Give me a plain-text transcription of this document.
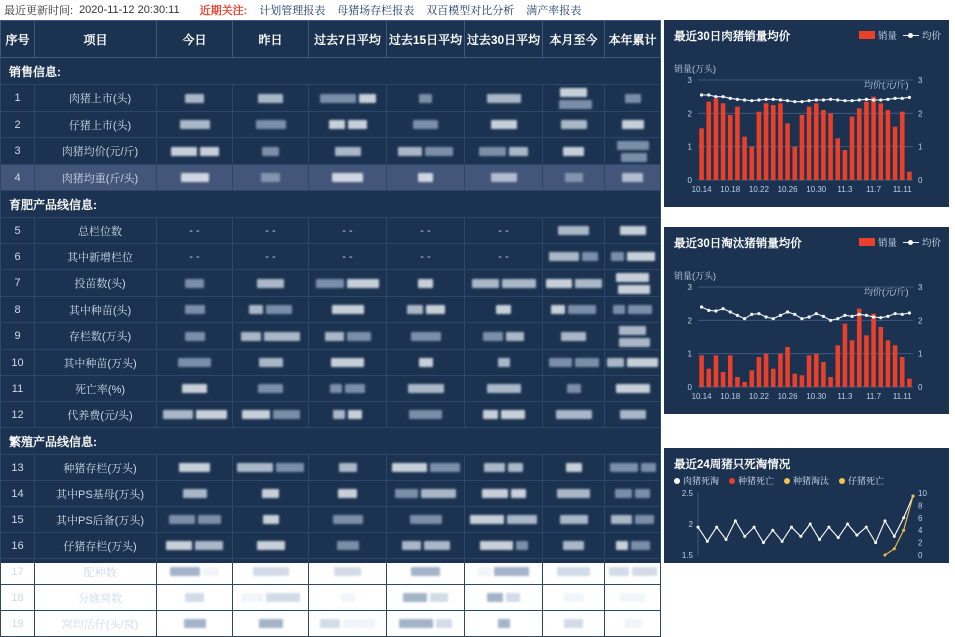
最近更新时间: 2020-11-12 20:30:11 近期关注: 计划管理报表 母猪场存栏报表 双百模型对比分析 满产率报表
序号	项目	今日	昨日	过去7日平均	过去15日平均	过去30日平均	本月至今	本年累计
销售信息:								
1	肉猪上市(头)							
2	仔猪上市(头)							
3	肉猪均价(元/斤)							
4	肉猪均重(斤/头)							
育肥产品线信息:								
5	总栏位数	- -	- -	- -	- -	- -		
6	其中新增栏位	- -	- -	- -	- -	- -		
7	投苗数(头)							
8	其中种苗(头)							
9	存栏数(万头)							
10	其中种苗(万头)							
11	死亡率(%)							
12	代养费(元/头)							
繁殖产品线信息:								
13	种猪存栏(万头)							
14	其中PS基母(万头)							
15	其中PS后备(万头)							
16	仔猪存栏(万头)							
17	配种数							
18	分娩窝数							
19	窝均活仔(头/窝)							
最近30日肉猪销量均价	销量	均价
销量(万头)
均价(元/斤)
0	0
1	1
2	2
3	3
10.14 10.18 10.22 10.26 10.30 11.3 11.7 11.11
最近30日淘汰猪销量均价	销量	均价
销量(万头)
均价(元/斤)
0	0
1	1
2	2
3	3
10.14 10.18 10.22 10.26 10.30 11.3 11.7 11.11
最近24周猪只死淘情况
肉猪死淘 种猪死亡 种猪淘汰 仔猪死亡
1.5
2
2.5
0
2
4
6
8
10
